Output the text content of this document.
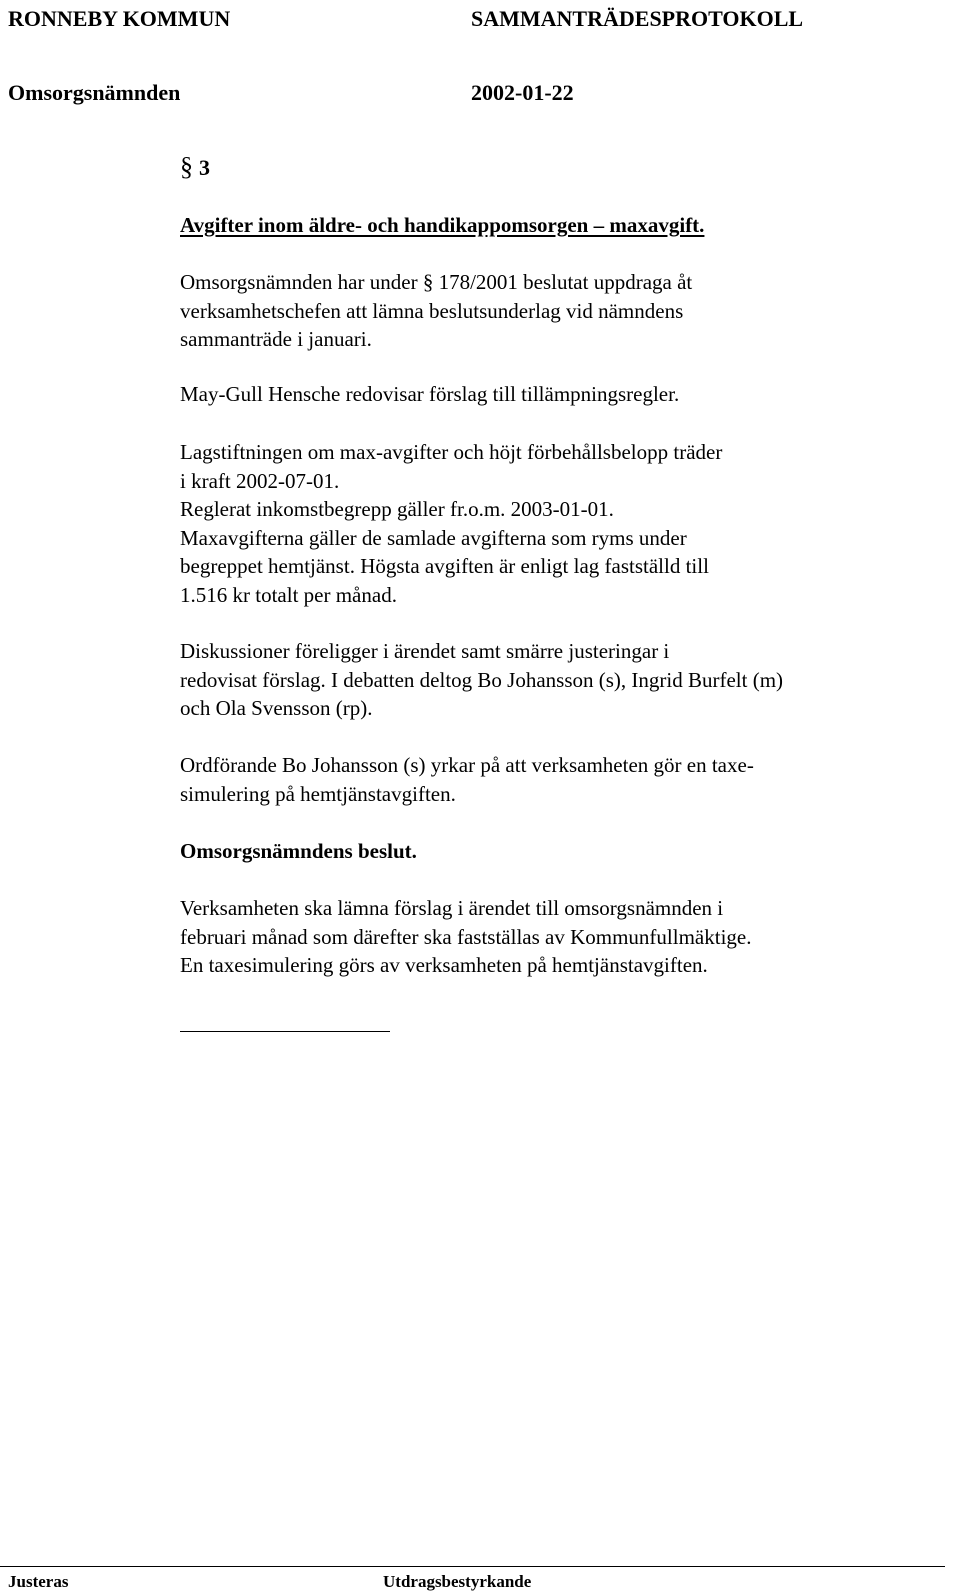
RONNEBY KOMMUN	SAMMANTRÄDESPROTOKOLL
Omsorgsnämnden	2002-01-22
§ 3
Avgifter inom äldre- och handikappomsorgen – maxavgift.
Omsorgsnämnden har under § 178/2001 beslutat uppdraga åt
verksamhetschefen att lämna beslutsunderlag vid nämndens
sammanträde i januari.
May-Gull Hensche redovisar förslag till tillämpningsregler.
Lagstiftningen om max-avgifter och höjt förbehållsbelopp träder
i kraft 2002-07-01.
Reglerat inkomstbegrepp gäller fr.o.m. 2003-01-01.
Maxavgifterna gäller de samlade avgifterna som ryms under
begreppet hemtjänst. Högsta avgiften är enligt lag fastställd till
1.516 kr totalt per månad.
Diskussioner föreligger i ärendet samt smärre justeringar i
redovisat förslag. I debatten deltog Bo Johansson (s), Ingrid Burfelt (m)
och Ola Svensson (rp).
Ordförande Bo Johansson (s) yrkar på att verksamheten gör en taxe-
simulering på hemtjänstavgiften.
Omsorgsnämndens beslut.
Verksamheten ska lämna förslag i ärendet till omsorgsnämnden i
februari månad som därefter ska fastställas av Kommunfullmäktige.
En taxesimulering görs av verksamheten på hemtjänstavgiften.
Justeras	Utdragsbestyrkande
